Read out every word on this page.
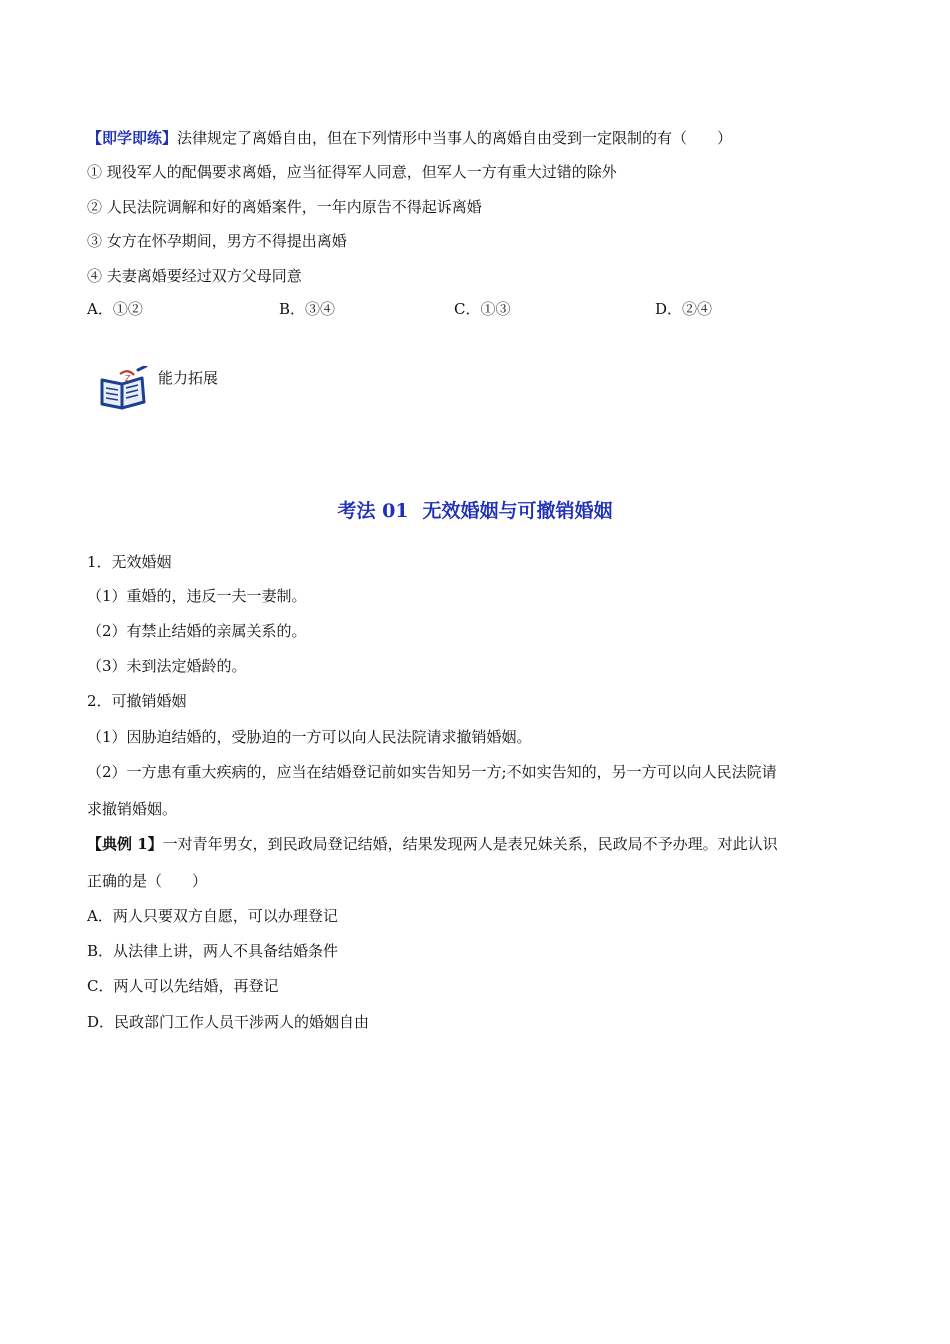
【即学即练】法律规定了离婚自由，但在下列情形中当事人的离婚自由受到一定限制的有（　　）
① 现役军人的配偶要求离婚，应当征得军人同意，但军人一方有重大过错的除外
② 人民法院调解和好的离婚案件，一年内原告不得起诉离婚
③ 女方在怀孕期间，男方不得提出离婚
④ 夫妻离婚要经过双方父母同意
A．①②	B．③④	C．①③	D．②④
Z 能力拓展
考法 01 无效婚姻与可撤销婚姻
1．无效婚姻
（1）重婚的，违反一夫一妻制。
（2）有禁止结婚的亲属关系的。
（3）未到法定婚龄的。
2．可撤销婚姻
（1）因胁迫结婚的，受胁迫的一方可以向人民法院请求撤销婚姻。
（2）一方患有重大疾病的，应当在结婚登记前如实告知另一方;不如实告知的，另一方可以向人民法院请
求撤销婚姻。
【典例 1】一对青年男女，到民政局登记结婚，结果发现两人是表兄妹关系，民政局不予办理。对此认识
正确的是（　　）
A．两人只要双方自愿，可以办理登记
B．从法律上讲，两人不具备结婚条件
C．两人可以先结婚，再登记
D．民政部门工作人员干涉两人的婚姻自由
